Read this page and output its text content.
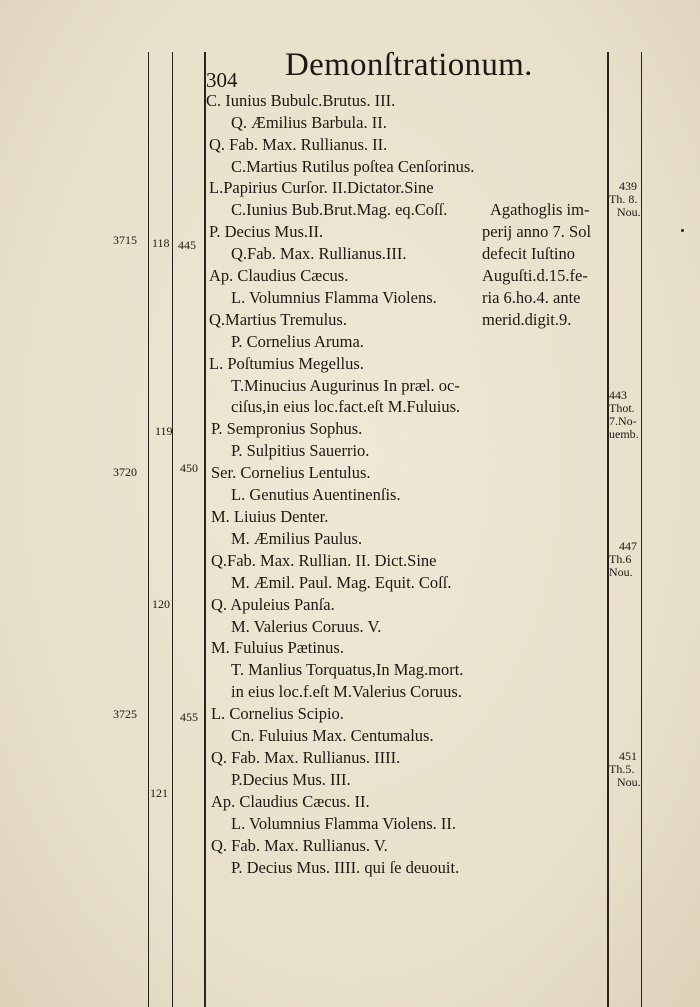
304 Demonſtrationum.
C. Iunius Bubulc.Brutus. III.
Q. Æmilius Barbula. II.
Q. Fab. Max. Rullianus. II.
C.Martius Rutilus poſtea Cenſorinus.
L.Papirius Curſor. II.Dictator.Sine
C.Iunius Bub.Brut.Mag. eq.Coſſ.
P. Decius Mus.II.
Q.Fab. Max. Rullianus.III.
Ap. Claudius Cæcus.
L. Volumnius Flamma Violens.
Q.Martius Tremulus.
P. Cornelius Aruma.
L. Poſtumius Megellus.
T.Minucius Augurinus In præl. oc-
ciſus,in eius loc.fact.eſt M.Fuluius.
P. Sempronius Sophus.
P. Sulpitius Sauerrio.
Ser. Cornelius Lentulus.
L. Genutius Auentinenſis.
M. Liuius Denter.
M. Æmilius Paulus.
Q.Fab. Max. Rullian. II. Dict.Sine
M. Æmil. Paul. Mag. Equit. Coſſ.
Q. Apuleius Panſa.
M. Valerius Coruus. V.
M. Fuluius Pætinus.
T. Manlius Torquatus,In Mag.mort.
in eius loc.f.eſt M.Valerius Coruus.
L. Cornelius Scipio.
Cn. Fuluius Max. Centumalus.
Q. Fab. Max. Rullianus. IIII.
P.Decius Mus. III.
Ap. Claudius Cæcus. II.
L. Volumnius Flamma Violens. II.
Q. Fab. Max. Rullianus. V.
P. Decius Mus. IIII. qui ſe deuouit.
Agathoglis im-
perij anno 7. Sol
defecit Iuſtino
Auguſti.d.15.fe-
ria 6.ho.4. ante
merid.digit.9.
3715
3720
3725
118
119
120
121
445
450
455
439
Th. 8.
Nou.
443
Thot.
7.No-
uemb.
447
Th.6
Nou.
451
Th.5.
Nou.
